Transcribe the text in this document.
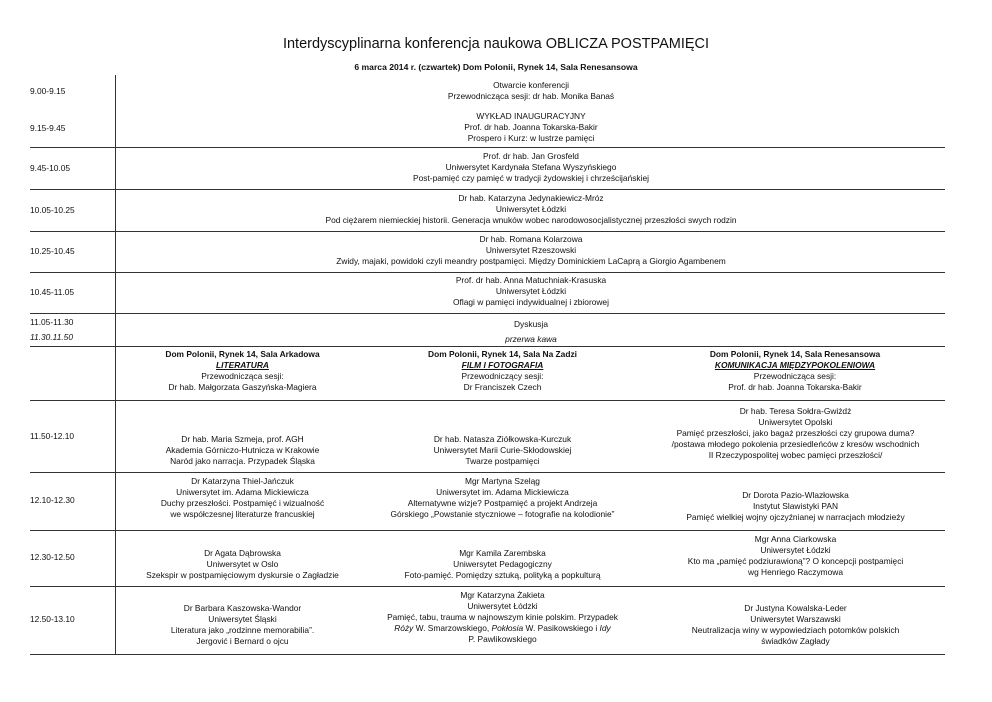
Interdyscyplinarna konferencja naukowa OBLICZA POSTPAMIĘCI
6 marca 2014 r. (czwartek) Dom Polonii, Rynek 14, Sala Renesansowa
9.00-9.15
9.15-9.45
9.45-10.05
10.05-10.25
10.25-10.45
10.45-11.05
11.05-11.30
11.30.11.50
11.50-12.10
12.10-12.30
12.30-12.50
12.50-13.10
Otwarcie konferencji
Przewodnicząca sesji: dr hab. Monika Banaś
WYKŁAD INAUGURACYJNY
Prof. dr hab. Joanna Tokarska-Bakir
Prospero i Kurz: w lustrze pamięci
Prof. dr hab. Jan Grosfeld
Uniwersytet Kardynała Stefana Wyszyńskiego
Post-pamięć czy pamięć w tradycji żydowskiej i chrześcijańskiej
Dr hab. Katarzyna Jedynakiewicz-Mróz
Uniwersytet Łódzki
Pod ciężarem niemieckiej historii. Generacja wnuków wobec narodowosocjalistycznej przeszłości swych rodzin
Dr hab. Romana Kolarzowa
Uniwersytet Rzeszowski
Zwidy, majaki, powidoki czyli meandry postpamięci. Między Dominickiem LaCaprą a Giorgio Agambenem
Prof. dr hab. Anna Matuchniak-Krasuska
Uniwersytet Łódzki
Oflagi w pamięci indywidualnej i zbiorowej
Dyskusja
przerwa kawa
Dom Polonii, Rynek 14, Sala Arkadowa
LITERATURA
Przewodnicząca sesji:
Dr hab. Małgorzata Gaszyńska-Magiera
Dom Polonii, Rynek 14, Sala Na Zadzi
FILM I FOTOGRAFIA
Przewodniczący sesji:
Dr Franciszek Czech
Dom Polonii, Rynek 14, Sala Renesansowa
KOMUNIKACJA MIĘDZYPOKOLENIOWA
Przewodnicząca sesji:
Prof. dr hab. Joanna Tokarska-Bakir
Dr hab. Maria Szmeja, prof. AGH
Akademia Górniczo-Hutnicza w Krakowie
Naród jako narracja. Przypadek Śląska
Dr hab. Natasza Ziółkowska-Kurczuk
Uniwersytet Marii Curie-Skłodowskiej
Twarze postpamięci
Dr hab. Teresa Sołdra-Gwiżdż
Uniwersytet Opolski
Pamięć przeszłości, jako bagaż przeszłości czy grupowa duma?
/postawa młodego pokolenia przesiedleńców z kresów wschodnich
II Rzeczypospolitej wobec pamięci przeszłości/
Dr Katarzyna Thiel-Jańczuk
Uniwersytet im. Adama Mickiewicza
Duchy przeszłości. Postpamięć i wizualność
we współczesnej literaturze francuskiej
Mgr Martyna Szeląg
Uniwersytet im. Adama Mickiewicza
Alternatywne wizje? Postpamięć a projekt Andrzeja
Górskiego „Powstanie styczniowe – fotografie na kolodionie”
Dr Dorota Pazio-Wlazłowska
Instytut Slawistyki PAN
Pamięć wielkiej wojny ojczyźnianej w narracjach młodzieży
Dr Agata Dąbrowska
Uniwersytet w Oslo
Szekspir w postpamięciowym dyskursie o Zagładzie
Mgr Kamila Zarembska
Uniwersytet Pedagogiczny
Foto-pamięć. Pomiędzy sztuką, polityką a popkulturą
Mgr Anna Ciarkowska
Uniwersytet Łódzki
Kto ma „pamięć podziurawioną”? O koncepcji postpamięci
wg Henriego Raczymowa
Dr Barbara Kaszowska-Wandor
Uniwersytet Śląski
Literatura jako „rodzinne memorabilia”.
Jergović i Bernard o ojcu
Mgr Katarzyna Żakieta
Uniwersytet Łódzki
Pamięć, tabu, trauma w najnowszym kinie polskim. Przypadek
Róży W. Smarzowskiego, Pokłosia W. Pasikowskiego i Idy
P. Pawlikowskiego
Dr Justyna Kowalska-Leder
Uniwersytet Warszawski
Neutralizacja winy w wypowiedziach potomków polskich
świadków Zagłady
